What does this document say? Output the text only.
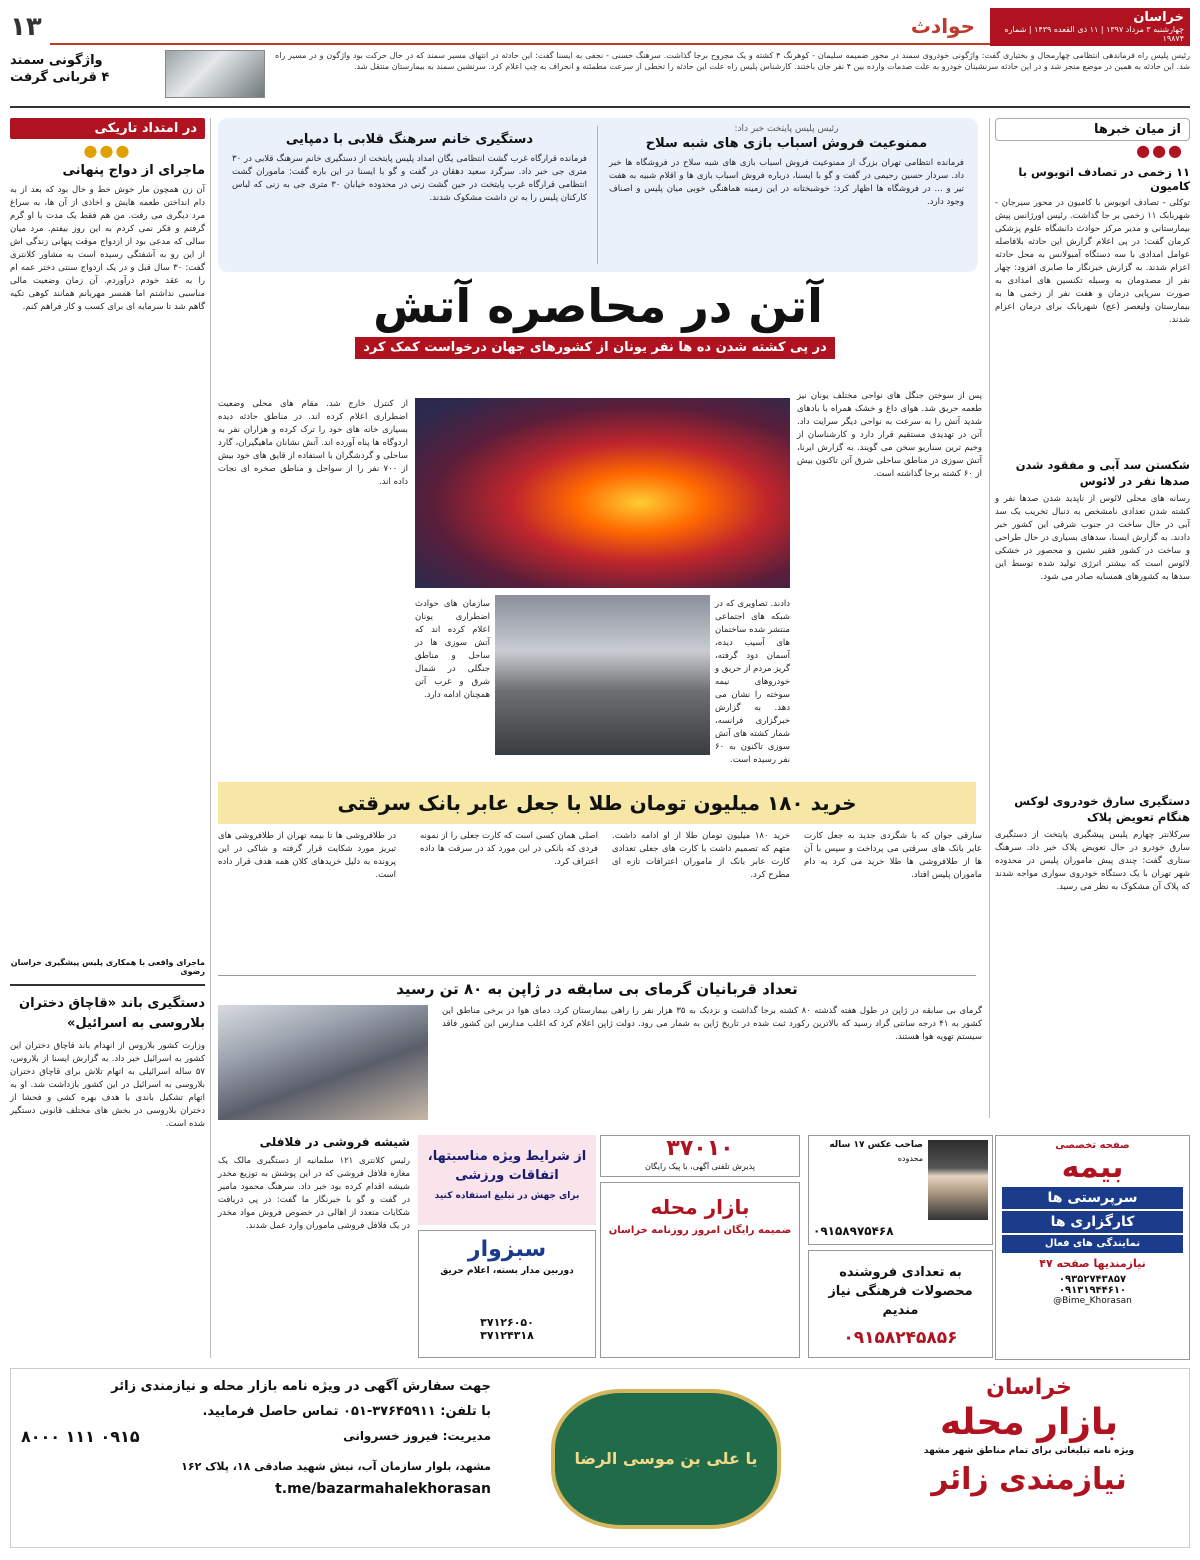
خراسان
چهارشنبه ۳ مرداد ۱۳۹۷ | ۱۱ ذی القعده ۱۴۳۹ | شماره ۱۹۸۷۴
حوادث
۱۳
واژگونی سمند
۴ قربانی گرفت
رئیس پلیس راه فرماندهی انتظامی چهارمحال و بختیاری گفت: واژگونی خودروی سمند در محور ضمیمه سلیمان - کوهرنگ ۴ کشته و یک مجروح برجا گذاشت. سرهنگ حسنی - نجفی به ایسنا گفت: این حادثه در انتهای مسیر سمند که در حال حرکت بود واژگون و در مسیر راه شد. این حادثه به همین در موضع منجر شد و در این حادثه سرنشینان خودرو به علت صدمات وارده بین ۴ نفر جان باختند. کارشناس پلیس راه علت این حادثه را تخطی از سرعت مطمئنه و انحراف به چپ اعلام کرد. سرنشین سمند به بیمارستان منتقل شد.
از میان خبرها
●●●
۱۱ زخمی در تصادف اتوبوس با کامیون
توکلی - تصادف اتوبوس با کامیون در محور سیرجان - شهربابک ۱۱ زخمی بر جا گذاشت. رئیس اورژانس پیش بیمارستانی و مدیر مرکز حوادث دانشگاه علوم پزشکی کرمان گفت: در پی اعلام گزارش این حادثه بلافاصله عوامل امدادی با سه دستگاه آمبولانس به محل حادثه اعزام شدند. به گزارش خبرنگار ما صابری افزود: چهار نفر از مصدومان به وسیله تکنسین های امدادی به صورت سرپایی درمان و هفت نفر از زخمی ها به بیمارستان ولیعصر (عج) شهربابک برای درمان اعزام شدند.
شکستن سد آبی و مفقود شدن صدها نفر در لائوس
رسانه های محلی لائوس از ناپدید شدن صدها نفر و کشته شدن تعدادی نامشخص به دنبال تخریب یک سد آبی در حال ساخت در جنوب شرقی این کشور خبر دادند. به گزارش ایسنا، سدهای بسیاری در حال طراحی و ساخت در کشور فقیر نشین و محصور در خشکی لائوس است که بیشتر انرژی تولید شده توسط این سدها به کشورهای همسایه صادر می شود.
دستگیری سارق خودروی لوکس هنگام تعویض پلاک
سرکلانتر چهارم پلیس پیشگیری پایتخت از دستگیری سارق خودرو در حال تعویض پلاک خبر داد. سرهنگ ستاری گفت: چندی پیش ماموران پلیس در محدوده شهر تهران با یک دستگاه خودروی سواری مواجه شدند که پلاک آن مشکوک به نظر می رسید.
رئیس پلیس پایتخت خبر داد:
ممنوعیت فروش اسباب بازی های شبه سلاح
فرمانده انتظامی تهران بزرگ از ممنوعیت فروش اسباب بازی های شبه سلاح در فروشگاه ها خبر داد. سردار حسین رحیمی در گفت و گو با ایسنا، درباره فروش اسباب بازی ها و اقلام شبیه به هفت تیر و ... در فروشگاه ها اظهار کرد: خوشبختانه در این زمینه هماهنگی خوبی میان پلیس و اصناف وجود دارد.
دستگیری خانم سرهنگ قلابی با دمپایی
فرمانده قرارگاه غرب گشت انتظامی یگان امداد پلیس پایتخت از دستگیری خانم سرهنگ قلابی در ۳۰ متری جی خبر داد. سرگرد سعید دهقان در گفت و گو با ایسنا در این باره گفت: ماموران گشت انتظامی قرارگاه غرب پایتخت در حین گشت زنی در محدوده خیابان ۳۰ متری جی به زنی که لباس کارکنان پلیس را به تن داشت مشکوک شدند.
آتن در محاصره آتش
در پی کشته شدن ده ها نفر یونان از کشورهای جهان درخواست کمک کرد
پس از سوختن جنگل های نواحی مختلف یونان نیز طعمه حریق شد. هوای داغ و خشک همراه با بادهای شدید آتش را به سرعت به نواحی دیگر سرایت داد. آتن در تهدیدی مستقیم قرار دارد و کارشناسان از وخیم ترین سناریو سخن می گویند. به گزارش ایرنا، آتش سوزی در مناطق ساحلی شرق آتن تاکنون بیش از ۶۰ کشته برجا گذاشته است.
دادند. تصاویری که در شبکه های اجتماعی منتشر شده ساختمان های آسیب دیده، آسمان دود گرفته، گریز مردم از حریق و خودروهای نیمه سوخته را نشان می دهد. به گزارش خبرگزاری فرانسه، شمار کشته های آتش سوزی تاکنون به ۶۰ نفر رسیده است.
سازمان های حوادث اضطراری یونان اعلام کرده اند که آتش سوزی ها در ساحل و مناطق جنگلی در شمال شرق و غرب آتن همچنان ادامه دارد.
از کنترل خارج شد. مقام های محلی وضعیت اضطراری اعلام کرده اند. در مناطق حادثه دیده بسیاری خانه های خود را ترک کرده و هزاران نفر به اردوگاه ها پناه آورده اند. آتش نشانان ماهیگیران، گارد ساحلی و گردشگران با استفاده از قایق های خود بیش از ۷۰۰ نفر را از سواحل و مناطق صخره ای نجات داده اند.
خرید ۱۸۰ میلیون تومان طلا با جعل عابر بانک سرقتی
سارقی جوان که با شگردی جدید به جعل کارت عابر بانک های سرقتی می پرداخت و سپس با آن ها از طلافروشی ها طلا خرید می کرد به دام ماموران پلیس افتاد.
خرید ۱۸۰ میلیون تومان طلا از او ادامه داشت. متهم که تصمیم داشت با کارت های جعلی تعدادی کارت عابر بانک از ماموران اعترافات تازه ای مطرح کرد.
اصلی همان کسی است که کارت جعلی را از نمونه فردی که بانکی در این مورد کد در سرقت ها داده اعتراف کرد.
در طلافروشی ها تا بیمه تهران از طلافروشی های تبریز مورد شکایت قرار گرفته و شاکی در این پرونده به دلیل خریدهای کلان همه هدف قرار داده است.
تعداد قربانیان گرمای بی سابقه در ژاپن به ۸۰ تن رسید
گرمای بی سابقه در ژاپن در طول هفته گذشته ۸۰ کشته برجا گذاشت و نزدیک به ۳۵ هزار نفر را راهی بیمارستان کرد. دمای هوا در برخی مناطق این کشور به ۴۱ درجه سانتی گراد رسید که بالاترین رکورد ثبت شده در تاریخ ژاپن به شمار می رود. دولت ژاپن اعلام کرد که اغلب مدارس این کشور فاقد سیستم تهویه هوا هستند.
در امتداد تاریکی
●●●
ماجرای از دواج پنهانی
آن زن همچون مار خوش خط و خال بود که بعد از به دام انداختن طعمه هایش و اخاذی از آن ها، به سراغ مرد دیگری می رفت. من هم فقط یک مدت با او گرم گرفتم و فکر نمی کردم به این روز بیفتم. مرد میان سالی که مدعی بود از ازدواج موقت پنهانی زندگی اش از این رو به آشفتگی رسیده است به مشاور کلانتری گفت: ۳۰ سال قبل و در یک ازدواج سنتی دختر عمه ام را به عقد خودم درآوردم. آن زمان وضعیت مالی مناسبی نداشتم اما همسر مهربانم همانند کوهی تکیه گاهم شد تا سرمایه ای برای کسب و کار فراهم کنم.
ماجرای واقعی با همکاری پلیس پیشگیری خراسان رضوی
دستگیری باند «قاچاق دختران بلاروسی به اسرائیل»
وزارت کشور بلاروس از انهدام باند قاچاق دختران این کشور به اسرائیل خبر داد. به گزارش ایسنا از بلاروس، ۵۷ ساله اسرائیلی به اتهام تلاش برای قاچاق دختران بلاروسی به اسرائیل در این کشور بازداشت شد. او به اتهام تشکیل باندی با هدف بهره کشی و فحشا از دختران بلاروسی در بخش های مختلف قانونی دستگیر شده است.
صفحه تخصصی
بیمه
سرپرستی ها
کارگزاری ها
نمایندگی های فعال
نیازمندیها صفحه ۴۷
۰۹۳۵۲۷۴۳۸۵۷
۰۹۱۳۱۹۴۴۶۱۰
@Bime_Khorasan
صاحب عکس ۱۷ ساله
محدوده
۰۹۱۵۸۹۷۵۴۶۸
به تعدادی فروشنده محصولات فرهنگی نیاز مندیم
۰۹۱۵۸۲۴۵۸۵۶
۳۷۰۱۰
پذیرش تلفنی آگهی، با پیک رایگان
بازار محله
ضمیمه رایگان امروز روزنامه خراسان
از شرایط ویژه مناسبتها، اتفاقات ورزشی
برای جهش در تبلیغ استفاده کنید
سبزوار
دوربین مدار بسته، اعلام حریق
۳۷۱۲۶۰۵۰
۳۷۱۲۴۳۱۸
شیشه فروشی در فلافلی
رئیس کلانتری ۱۲۱ سلمانیه از دستگیری مالک یک مغازه فلافل فروشی که در این پوشش به توزیع مخدر شیشه اقدام کرده بود خبر داد. سرهنگ محمود مامیر در گفت و گو با خبرنگار ما گفت: در پی دریافت شکایات متعدد از اهالی در خصوص فروش مواد مخدر در یک فلافل فروشی ماموران وارد عمل شدند.
خراسان
بازار محله
ویژه نامه تبلیغاتی برای تمام مناطق شهر مشهد
نیازمندی زائر
یا علی بن موسی الرضا
جهت سفارش آگهی در ویژه نامه بازار محله و نیازمندی زائر
با تلفن: ۳۷۶۴۵۹۱۱-۰۵۱ تماس حاصل فرمایید.
مدیریت: فیروز خسروانی
۰۹۱۵ ۱۱۱ ۸۰۰۰
مشهد، بلوار سازمان آب، نبش شهید صادقی ۱۸، پلاک ۱۶۲
t.me/bazarmahalekhorasan
